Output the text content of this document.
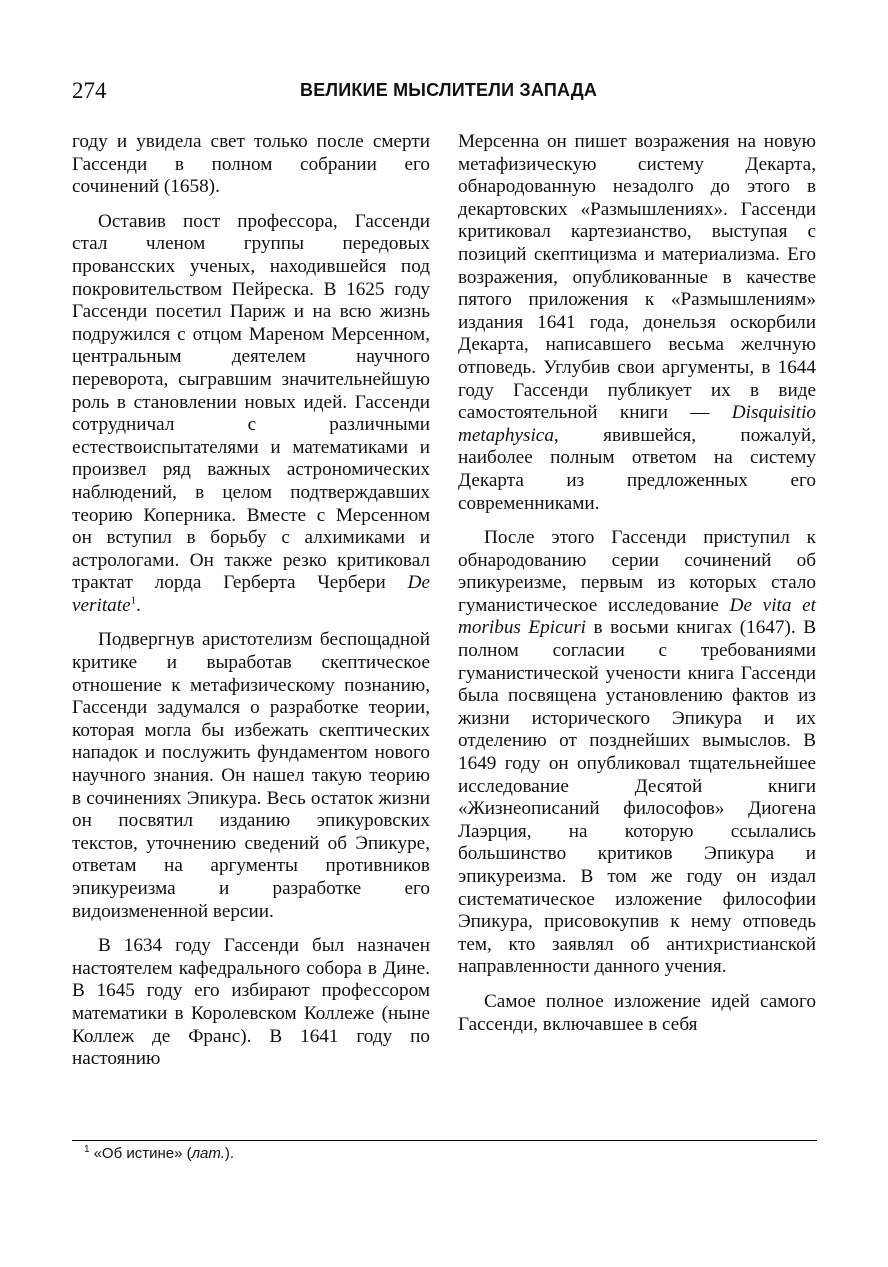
274	ВЕЛИКИЕ МЫСЛИТЕЛИ ЗАПАДА

году и увидела свет только после смерти Гассенди в полном собрании его сочинений (1658).

Оставив пост профессора, Гассенди стал членом группы передовых провансских ученых, находившейся под покровительством Пейреска. В 1625 году Гассенди посетил Париж и на всю жизнь подружился с отцом Мареном Мерсенном, центральным деятелем научного переворота, сыгравшим значительнейшую роль в становлении новых идей. Гассенди сотрудничал с различными естествоиспытателями и математиками и произвел ряд важных астрономических наблюдений, в целом подтверждавших теорию Коперника. Вместе с Мерсенном он вступил в борьбу с алхимиками и астрологами. Он также резко критиковал трактат лорда Герберта Чербери De veritate$^1$.

Подвергнув аристотелизм беспощадной критике и выработав скептическое отношение к метафизическому познанию, Гассенди задумался о разработке теории, которая могла бы избежать скептических нападок и послужить фундаментом нового научного знания. Он нашел такую теорию в сочинениях Эпикура. Весь остаток жизни он посвятил изданию эпикуровских текстов, уточнению сведений об Эпикуре, ответам на аргументы противников эпикуреизма и разработке его видоизмененной версии.

В 1634 году Гассенди был назначен настоятелем кафедрального собора в Дине. В 1645 году его избирают профессором математики в Королевском Коллеже (ныне Коллеж де Франс). В 1641 году по настоянию

Мерсенна он пишет возражения на новую метафизическую систему Декарта, обнародованную незадолго до этого в декартовских «Размышлениях». Гассенди критиковал картезианство, выступая с позиций скептицизма и материализма. Его возражения, опубликованные в качестве пятого приложения к «Размышлениям» издания 1641 года, донельзя оскорбили Декарта, написавшего весьма желчную отповедь. Углубив свои аргументы, в 1644 году Гассенди публикует их в виде самостоятельной книги — Disquisitio metaphysica, явившейся, пожалуй, наиболее полным ответом на систему Декарта из предложенных его современниками.

После этого Гассенди приступил к обнародованию серии сочинений об эпикуреизме, первым из которых стало гуманистическое исследование De vita et moribus Epicuri в восьми книгах (1647). В полном согласии с требованиями гуманистической учености книга Гассенди была посвящена установлению фактов из жизни исторического Эпикура и их отделению от позднейших вымыслов. В 1649 году он опубликовал тщательнейшее исследование Десятой книги «Жизнеописаний философов» Диогена Лаэрция, на которую ссылались большинство критиков Эпикура и эпикуреизма. В том же году он издал систематическое изложение философии Эпикура, присовокупив к нему отповедь тем, кто заявлял об антихристианской направленности данного учения.

Самое полное изложение идей самого Гассенди, включавшее в себя

$^1$ «Об истине» (лат.).
